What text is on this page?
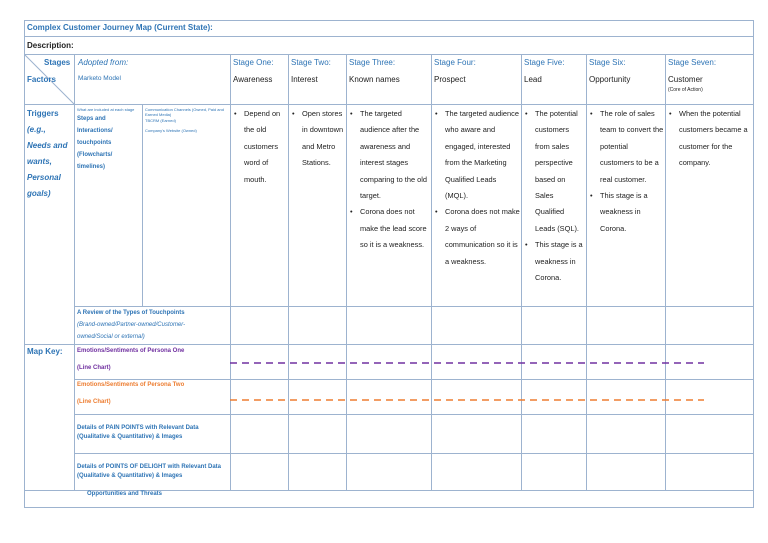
Complex Customer Journey Map (Current State):
Description:
Stages
Factors
Adopted from:
Marketo Model
Stage One:
Awareness
Stage Two:
Interest
Stage Three:
Known names
Stage Four:
Prospect
Stage Five:
Lead
Stage Six:
Opportunity
Stage Seven:
Customer
(Core of Action)
Triggers
(e.g.,
Needs and
wants,
Personal
goals)
What are included at each stage
Steps and
Interactions/
touchpoints
(Flowcharts/
timelines)
Communication Channels (Owned, Paid and Earned Media)
TBCRM (Earned)
Company's Website (Owned)
• Depend on the old customers word of mouth.
• Open stores in downtown and Metro Stations.
• The targeted audience after the awareness and interest stages comparing to the old target.
• Corona does not make the lead score so it is a weakness.
• The targeted audience who aware and engaged, interested from the Marketing Qualified Leads (MQL).
• Corona does not make 2 ways of communication so it is a weakness.
• The potential customers from sales perspective based on Sales Qualified Leads (SQL).
• This stage is a weakness in Corona.
• The role of sales team to convert the potential customers to be a real customer.
• This stage is a weakness in Corona.
• When the potential customers became a customer for the company.
A Review of the Types of Touchpoints
(Brand-owned/Partner-owned/Customer-
owned/Social or external)
Map Key: Emotions/Sentiments of Persona One
(Line Chart)
Emotions/Sentiments of Persona Two
(Line Chart)
Details of PAIN POINTS with Relevant Data
(Qualitative & Quantitative) & Images
Details of POINTS OF DELIGHT with Relevant Data
(Qualitative & Quantitative) & Images
Opportunities and Threats
